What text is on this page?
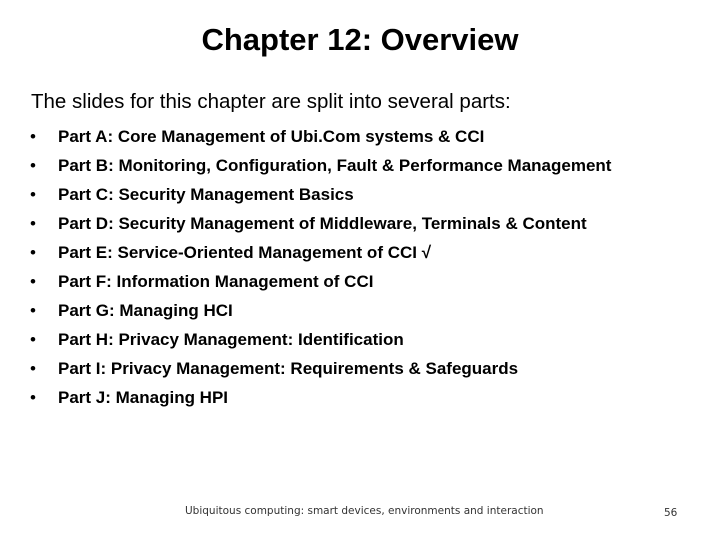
Chapter 12: Overview
The slides for this chapter are split into several parts:
• Part A: Core Management of Ubi.Com systems & CCI
• Part B: Monitoring, Configuration, Fault & Performance Management
• Part C: Security Management Basics
• Part D: Security Management of Middleware, Terminals & Content
• Part E: Service-Oriented Management of CCI √
• Part F: Information Management of CCI
• Part G: Managing HCI
• Part H: Privacy Management: Identification
• Part I: Privacy Management: Requirements & Safeguards
• Part J: Managing HPI
Ubiquitous computing: smart devices, environments and interaction	56
